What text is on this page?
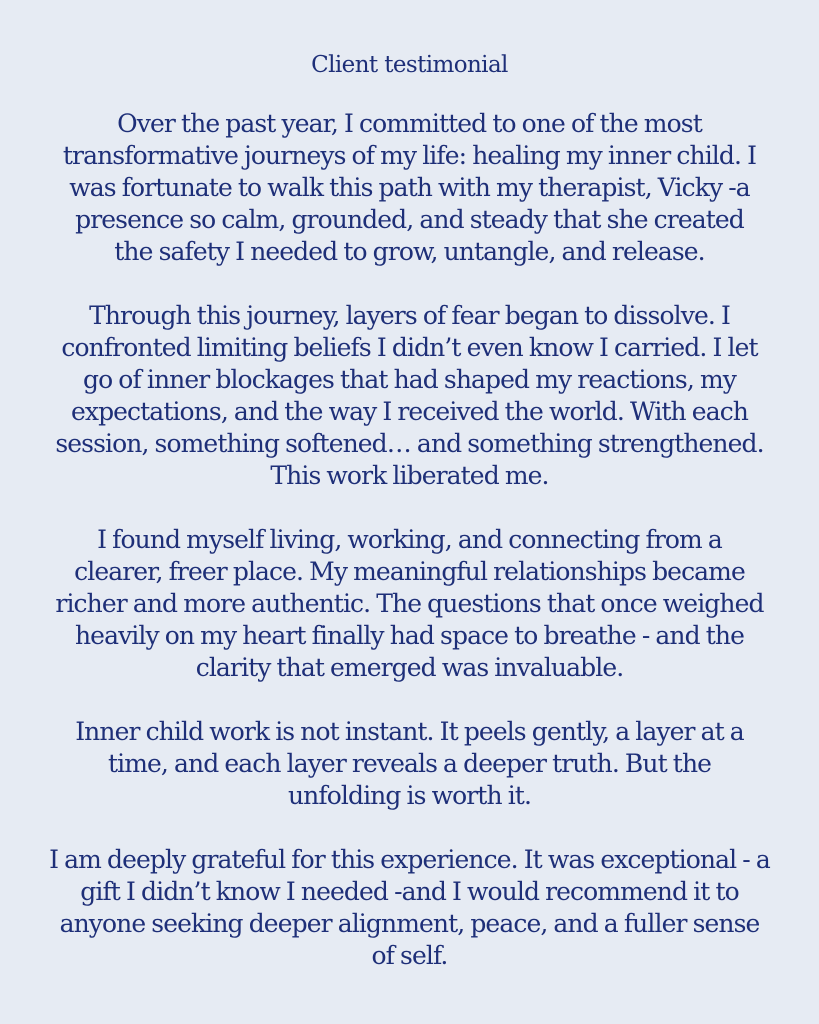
Client testimonial

Over the past year, I committed to one of the most
transformative journeys of my life: healing my inner child. I
was fortunate to walk this path with my therapist, Vicky -a
presence so calm, grounded, and steady that she created
the safety I needed to grow, untangle, and release.

Through this journey, layers of fear began to dissolve. I
confronted limiting beliefs I didn’t even know I carried. I let
go of inner blockages that had shaped my reactions, my
expectations, and the way I received the world. With each
session, something softened… and something strengthened.
This work liberated me.

I found myself living, working, and connecting from a
clearer, freer place. My meaningful relationships became
richer and more authentic. The questions that once weighed
heavily on my heart finally had space to breathe - and the
clarity that emerged was invaluable.

Inner child work is not instant. It peels gently, a layer at a
time, and each layer reveals a deeper truth. But the
unfolding is worth it.

I am deeply grateful for this experience. It was exceptional - a
gift I didn’t know I needed -and I would recommend it to
anyone seeking deeper alignment, peace, and a fuller sense
of self.
